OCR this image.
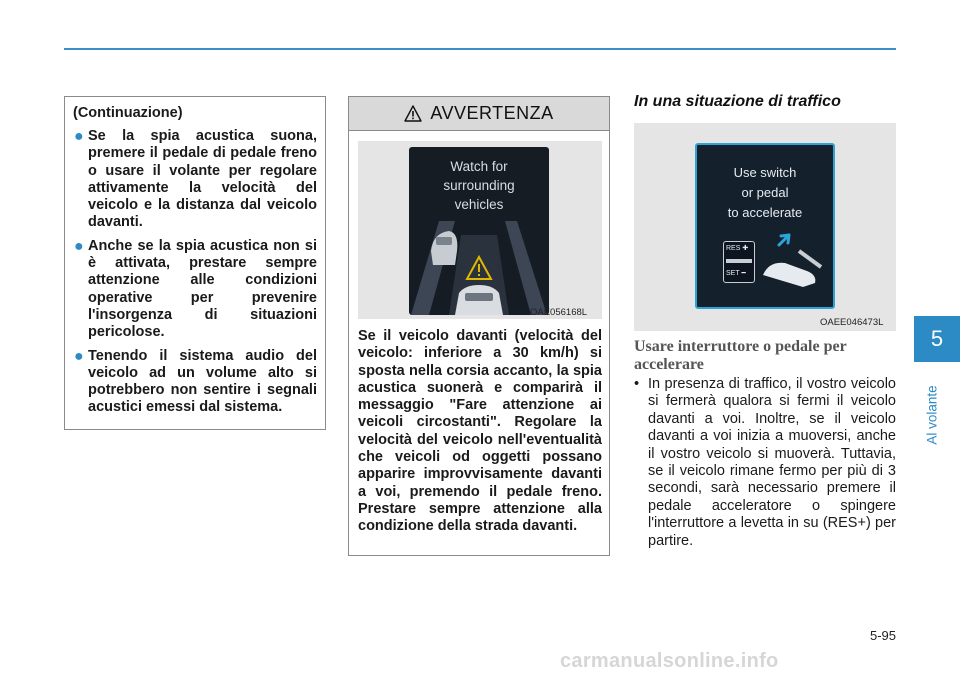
(Continuazione)
● Se la spia acustica suona, premere il pedale di pedale freno o usare il volante per regolare attivamente la velocità del veicolo e la distanza dal veicolo davanti.
● Anche se la spia acustica non si è attivata, prestare sempre attenzione alle condizioni operative per prevenire l'insorgenza di situazioni pericolose.
● Tenendo il sistema audio del veicolo ad un volume alto si potrebbero non sentire i segnali acustici emessi dal sistema.
AVVERTENZA
Watch for
surrounding
vehicles
OAE056168L
Se il veicolo davanti (velocità del veicolo: inferiore a 30 km/h) si sposta nella corsia accanto, la spia acustica suonerà e comparirà il messaggio "Fare attenzione ai veicoli circostanti". Regolare la velocità del veicolo nell'eventualità che veicoli od oggetti possano apparire improvvisamente davanti a voi, premendo il pedale freno. Prestare sempre attenzione alla condizione della strada davanti.
In una situazione di traffico
Use switch
or pedal
to accelerate
RES ✚
SET ━
OAEE046473L
Usare interruttore o pedale per accelerare
• In presenza di traffico, il vostro veicolo si fermerà qualora si fermi il veicolo davanti a voi. Inoltre, se il veicolo davanti a voi inizia a muoversi, anche il vostro veicolo si muoverà. Tuttavia, se il veicolo rimane fermo per più di 3 secondi, sarà necessario premere il pedale acceleratore o spingere l'interruttore a levetta in su (RES+) per partire.
5
Al volante
5-95
carmanualsonline.info
